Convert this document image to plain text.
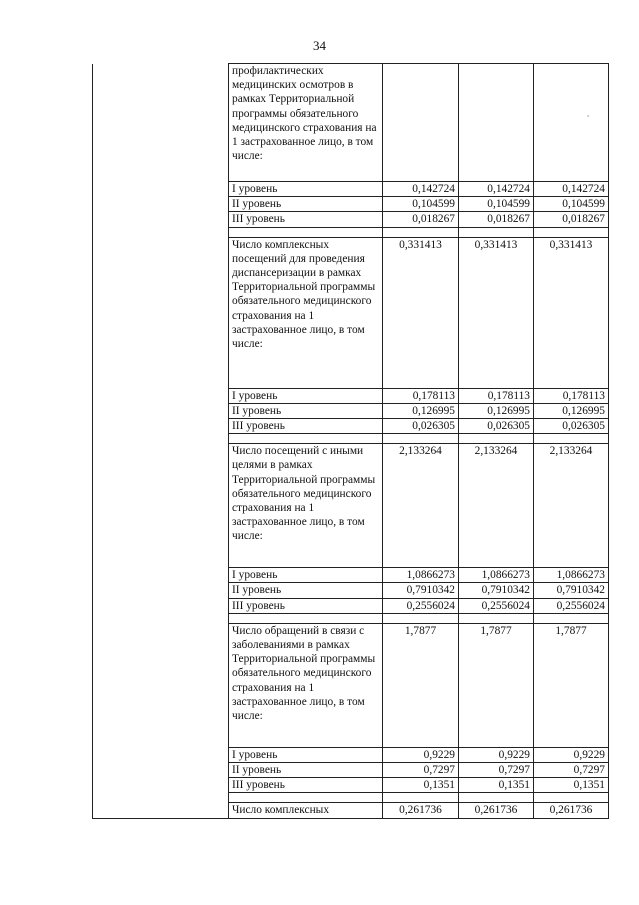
34
	профилактических медицинских осмотров в рамках Территориальной программы обязательного медицинского страхования на 1 застрахованное лицо, в том числе:			
	I уровень	0,142724	0,142724	0,142724
	II уровень	0,104599	0,104599	0,104599
	III уровень	0,018267	0,018267	0,018267

	Число комплексных посещений для проведения диспансеризации в рамках Территориальной программы обязательного медицинского страхования на 1 застрахованное лицо, в том числе:	0,331413	0,331413	0,331413
	I уровень	0,178113	0,178113	0,178113
	II уровень	0,126995	0,126995	0,126995
	III уровень	0,026305	0,026305	0,026305

	Число посещений с иными целями в рамках Территориальной программы обязательного медицинского страхования на 1 застрахованное лицо, в том числе:	2,133264	2,133264	2,133264
	I уровень	1,0866273	1,0866273	1,0866273
	II уровень	0,7910342	0,7910342	0,7910342
	III уровень	0,2556024	0,2556024	0,2556024

	Число обращений в связи с заболеваниями в рамках Территориальной программы обязательного медицинского страхования на 1 застрахованное лицо, в том числе:	1,7877	1,7877	1,7877
	I уровень	0,9229	0,9229	0,9229
	II уровень	0,7297	0,7297	0,7297
	III уровень	0,1351	0,1351	0,1351

	Число комплексных	0,261736	0,261736	0,261736
°
